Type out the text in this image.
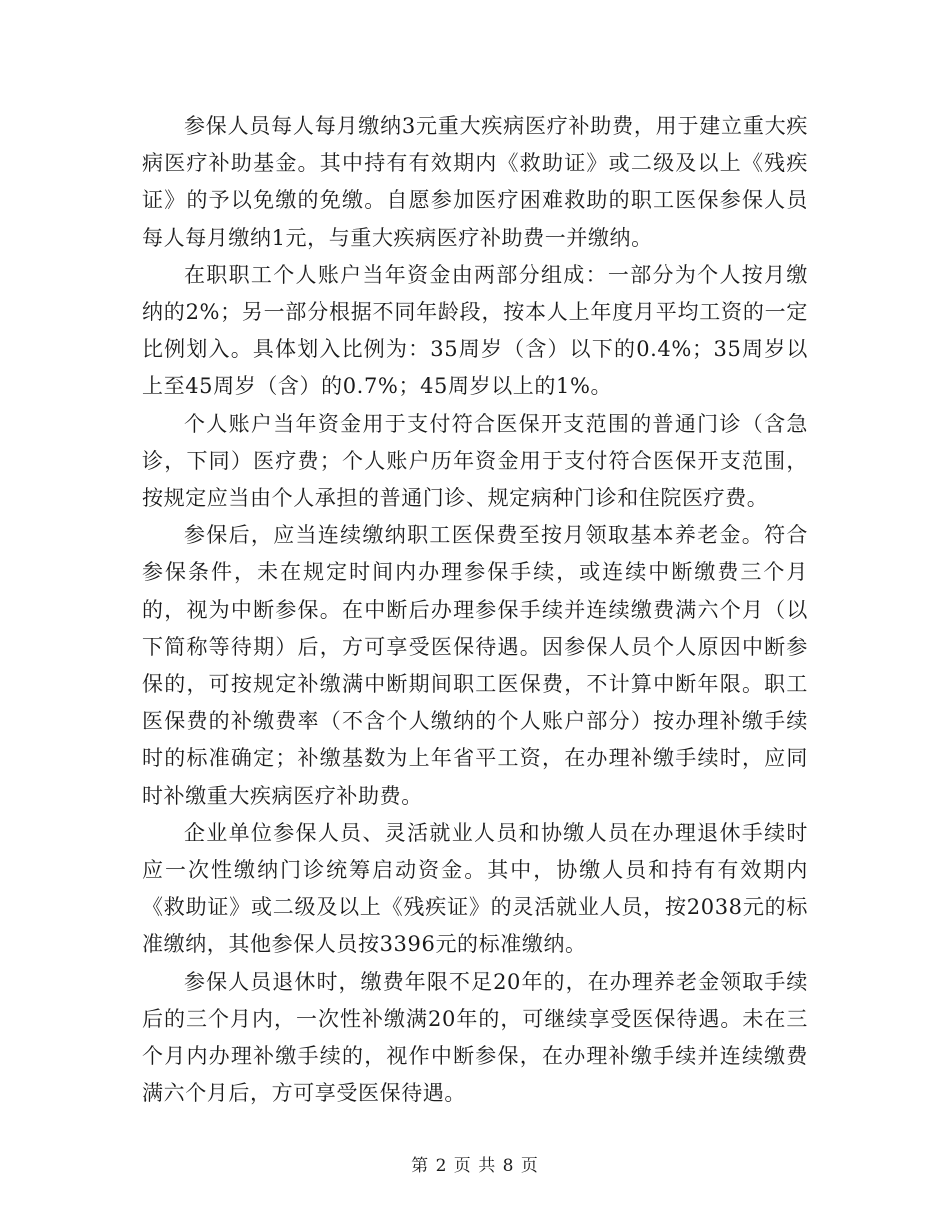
参保人员每人每月缴纳3元重大疾病医疗补助费，用于建立重大疾病医疗补助基金。其中持有有效期内《救助证》或二级及以上《残疾证》的予以免缴的免缴。自愿参加医疗困难救助的职工医保参保人员每人每月缴纳1元，与重大疾病医疗补助费一并缴纳。

在职职工个人账户当年资金由两部分组成：一部分为个人按月缴纳的2%；另一部分根据不同年龄段，按本人上年度月平均工资的一定比例划入。具体划入比例为：35周岁（含）以下的0.4%；35周岁以上至45周岁（含）的0.7%；45周岁以上的1%。

个人账户当年资金用于支付符合医保开支范围的普通门诊（含急诊，下同）医疗费；个人账户历年资金用于支付符合医保开支范围，按规定应当由个人承担的普通门诊、规定病种门诊和住院医疗费。

参保后，应当连续缴纳职工医保费至按月领取基本养老金。符合参保条件，未在规定时间内办理参保手续，或连续中断缴费三个月的，视为中断参保。在中断后办理参保手续并连续缴费满六个月（以下简称等待期）后，方可享受医保待遇。因参保人员个人原因中断参保的，可按规定补缴满中断期间职工医保费，不计算中断年限。职工医保费的补缴费率（不含个人缴纳的个人账户部分）按办理补缴手续时的标准确定；补缴基数为上年省平工资，在办理补缴手续时，应同时补缴重大疾病医疗补助费。

企业单位参保人员、灵活就业人员和协缴人员在办理退休手续时应一次性缴纳门诊统筹启动资金。其中，协缴人员和持有有效期内《救助证》或二级及以上《残疾证》的灵活就业人员，按2038元的标准缴纳，其他参保人员按3396元的标准缴纳。

参保人员退休时，缴费年限不足20年的，在办理养老金领取手续后的三个月内，一次性补缴满20年的，可继续享受医保待遇。未在三个月内办理补缴手续的，视作中断参保，在办理补缴手续并连续缴费满六个月后，方可享受医保待遇。

第 2 页 共 8 页
